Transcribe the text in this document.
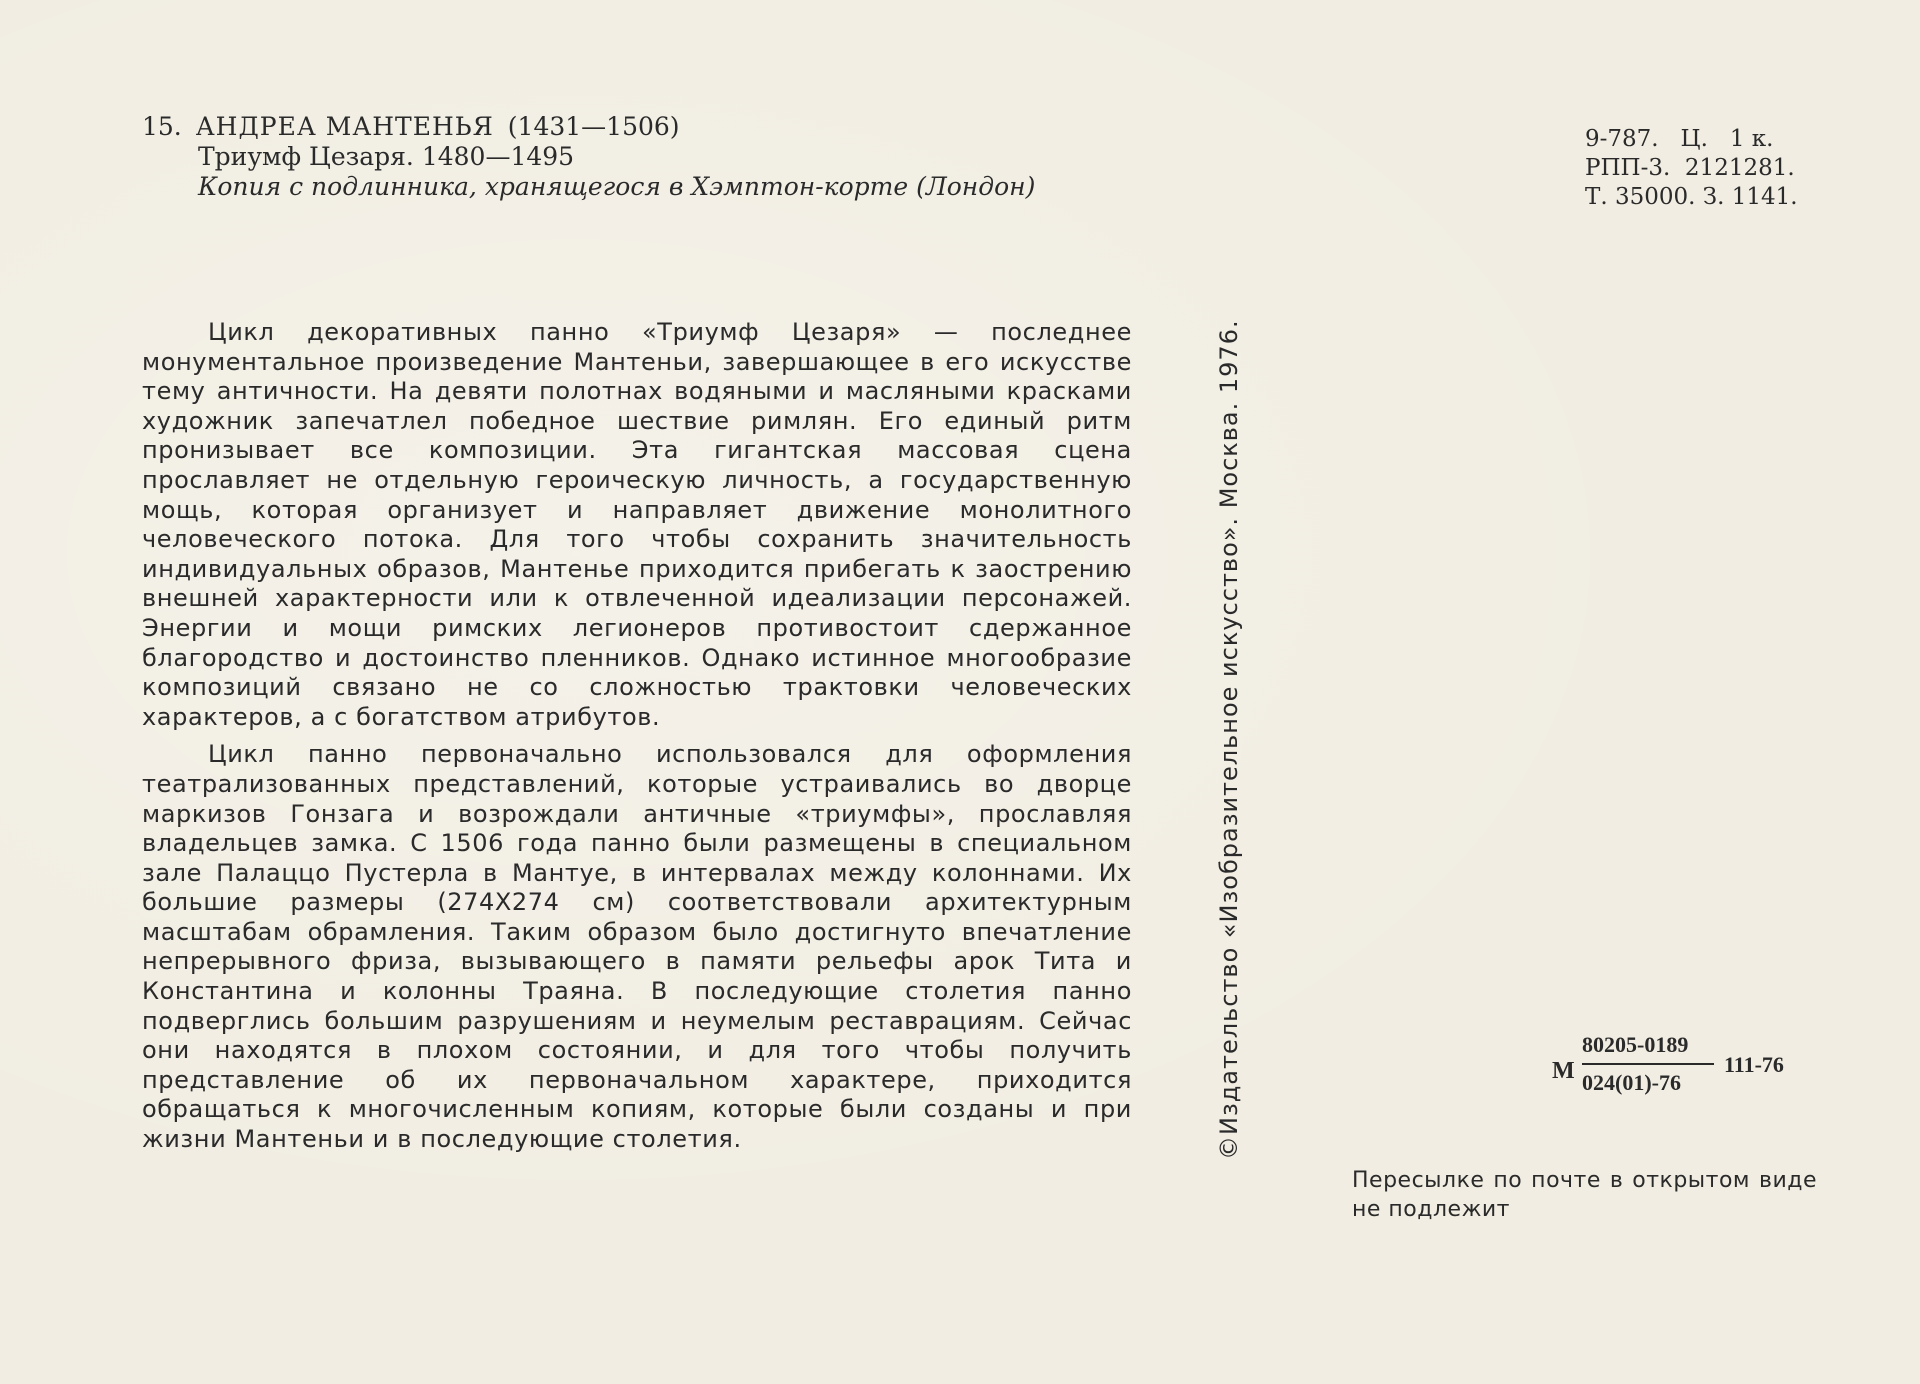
15. АНДРЕА МАНТЕНЬЯ (1431—1506)
Триумф Цезаря. 1480—1495
Копия с подлинника, хранящегося в Хэмптон-корте (Лондон)

Цикл декоративных панно «Триумф Цезаря» — последнее монументальное произведение Мантеньи, завершающее в его искусстве тему античности. На девяти полотнах водяными и масляными красками художник запечатлел победное шествие римлян. Его единый ритм пронизывает все композиции. Эта гигантская массовая сцена прославляет не отдельную героическую личность, а государственную мощь, которая организует и направляет движение монолитного человеческого потока. Для того чтобы сохранить значительность индивидуальных образов, Мантенье приходится прибегать к заострению внешней характерности или к отвлеченной идеализации персонажей. Энергии и мощи римских легионеров противостоит сдержанное благородство и достоинство пленников. Однако истинное многообразие композиций связано не со сложностью трактовки человеческих характеров, а с богатством атрибутов.

Цикл панно первоначально использовался для оформления театрализованных представлений, которые устраивались во дворце маркизов Гонзага и возрождали античные «триумфы», прославляя владельцев замка. С 1506 года панно были размещены в специальном зале Палаццо Пустерла в Мантуе, в интервалах между колоннами. Их большие размеры (274Х274 см) соответствовали архитектурным масштабам обрамления. Таким образом было достигнуто впечатление непрерывного фриза, вызывающего в памяти рельефы арок Тита и Константина и колонны Траяна. В последующие столетия панно подверглись большим разрушениям и неумелым реставрациям. Сейчас они находятся в плохом состоянии, и для того чтобы получить представление об их первоначальном характере, приходится обращаться к многочисленным копиям, которые были созданы и при жизни Мантеньи и в последующие столетия.

9-787.   Ц.   1 к.
РПП-3.  2121281.
Т. 35000. З. 1141.
©Издательство «Изобразительное искусство». Москва. 1976.	М
80205-0189
024(01)-76
111-76
Пересылке по почте в открытом виде не подлежит
